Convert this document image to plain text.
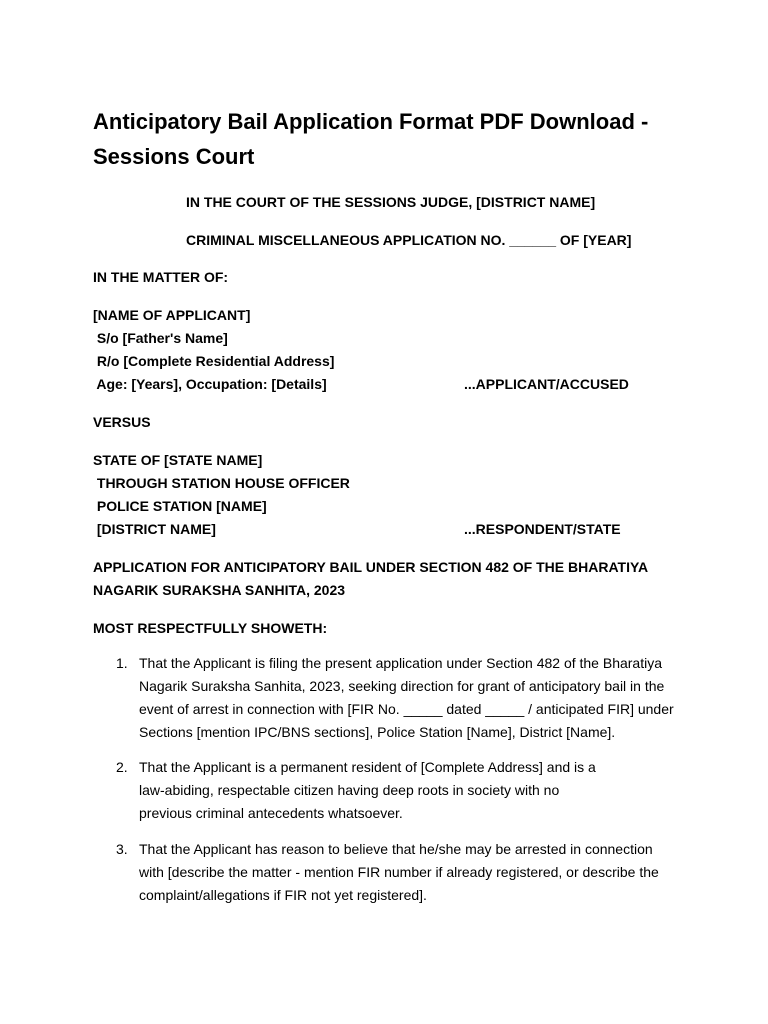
Anticipatory Bail Application Format PDF Download - Sessions Court

IN THE COURT OF THE SESSIONS JUDGE, [DISTRICT NAME]

CRIMINAL MISCELLANEOUS APPLICATION NO. ______ OF [YEAR]

IN THE MATTER OF:

[NAME OF APPLICANT]

S/o [Father's Name]

R/o [Complete Residential Address]

Age: [Years], Occupation: [Details]	...APPLICANT/ACCUSED

VERSUS

STATE OF [STATE NAME]

THROUGH STATION HOUSE OFFICER

POLICE STATION [NAME]

[DISTRICT NAME]	...RESPONDENT/STATE

APPLICATION FOR ANTICIPATORY BAIL UNDER SECTION 482 OF THE BHARATIYA NAGARIK SURAKSHA SANHITA, 2023

MOST RESPECTFULLY SHOWETH:

1. That the Applicant is filing the present application under Section 482 of the Bharatiya Nagarik Suraksha Sanhita, 2023, seeking direction for grant of anticipatory bail in the event of arrest in connection with [FIR No. _____ dated _____ / anticipated FIR] under Sections [mention IPC/BNS sections], Police Station [Name], District [Name].

2. That the Applicant is a permanent resident of [Complete Address] and is a law-abiding, respectable citizen having deep roots in society with no previous criminal antecedents whatsoever.

3. That the Applicant has reason to believe that he/she may be arrested in connection with [describe the matter - mention FIR number if already registered, or describe the complaint/allegations if FIR not yet registered].
